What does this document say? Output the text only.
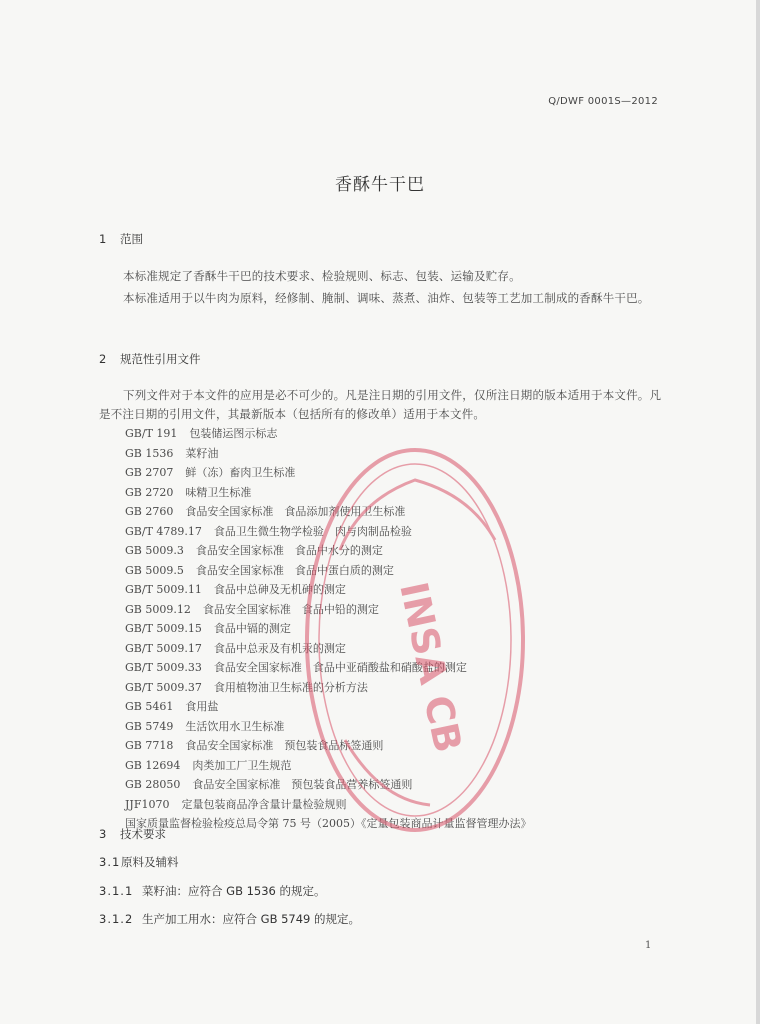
Q/DWF 0001S—2012
香酥牛干巴
1 范围
本标准规定了香酥牛干巴的技术要求、检验规则、标志、包装、运输及贮存。
本标准适用于以牛肉为原料，经修制、腌制、调味、蒸煮、油炸、包装等工艺加工制成的香酥牛干巴。
2 规范性引用文件
下列文件对于本文件的应用是必不可少的。凡是注日期的引用文件，仅所注日期的版本适用于本文件。凡是不注日期的引用文件，其最新版本（包括所有的修改单）适用于本文件。
GB/T 191 包装储运图示标志
GB 1536 菜籽油
GB 2707 鲜（冻）畜肉卫生标准
GB 2720 味精卫生标准
GB 2760 食品安全国家标准　食品添加剂使用卫生标准
GB/T 4789.17 食品卫生微生物学检验　肉与肉制品检验
GB 5009.3 食品安全国家标准　食品中水分的测定
GB 5009.5 食品安全国家标准　食品中蛋白质的测定
GB/T 5009.11 食品中总砷及无机砷的测定
GB 5009.12 食品安全国家标准　食品中铅的测定
GB/T 5009.15 食品中镉的测定
GB/T 5009.17 食品中总汞及有机汞的测定
GB/T 5009.33 食品安全国家标准　食品中亚硝酸盐和硝酸盐的测定
GB/T 5009.37 食用植物油卫生标准的分析方法
GB 5461 食用盐
GB 5749 生活饮用水卫生标准
GB 7718 食品安全国家标准　预包装食品标签通则
GB 12694 肉类加工厂卫生规范
GB 28050 食品安全国家标准　预包装食品营养标签通则
JJF1070 定量包装商品净含量计量检验规则
国家质量监督检验检疫总局令第 75 号（2005）《定量包装商品计量监督管理办法》
3 技术要求
3.1原料及辅料
3.1.1 菜籽油：应符合 GB 1536 的规定。
3.1.2 生产加工用水：应符合 GB 5749 的规定。
1
INSA CB
